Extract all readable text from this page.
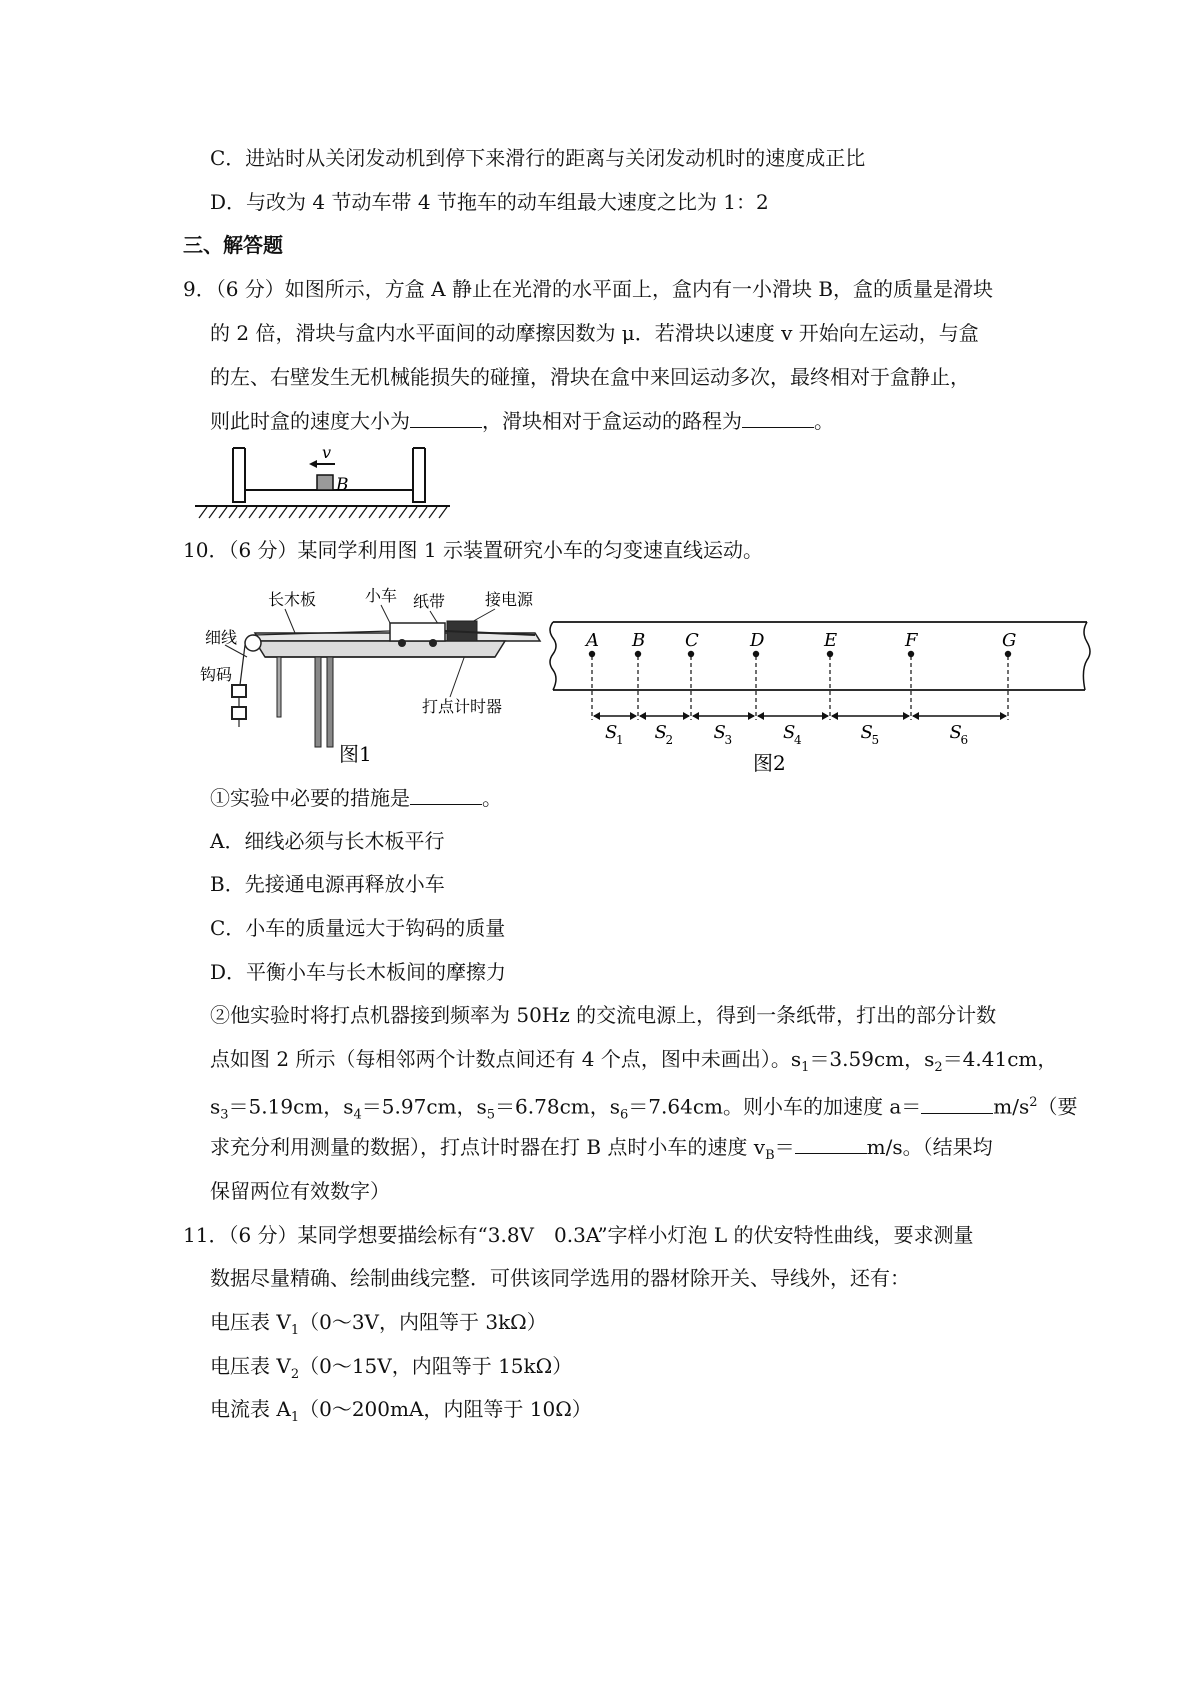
C．进站时从关闭发动机到停下来滑行的距离与关闭发动机时的速度成正比
D．与改为 4 节动车带 4 节拖车的动车组最大速度之比为 1：2
三、解答题
9．（6 分）如图所示，方盒 A 静止在光滑的水平面上，盒内有一小滑块 B，盒的质量是滑块
的 2 倍，滑块与盒内水平面间的动摩擦因数为 μ．若滑块以速度 v 开始向左运动，与盒
的左、右壁发生无机械能损失的碰撞，滑块在盒中来回运动多次，最终相对于盒静止，
则此时盒的速度大小为	，滑块相对于盒运动的路程为	。
v
B
10．（6 分）某同学利用图 1 示装置研究小车的匀变速直线运动。
细线
长木板	小车 纸带 接电源
钩码
打点计时器
图1
A B C	D	E	F	G
S
1 S
2 S
3	S
4	S
5	S
6
图2
①实验中必要的措施是	。
A．细线必须与长木板平行
B．先接通电源再释放小车
C．小车的质量远大于钩码的质量
D．平衡小车与长木板间的摩擦力
②他实验时将打点机器接到频率为 50Hz 的交流电源上，得到一条纸带，打出的部分计数
点如图 2 所示（每相邻两个计数点间还有 4 个点，图中未画出）。$s_1=3.59cm$，$s_2=4.41cm$，
$s_3=5.19cm$，$s_4=5.97cm$，$s_5=6.78cm$，$s_6=7.64cm$。则小车的加速度 a＝	$m/s^2$（要
求充分利用测量的数据），打点计时器在打 B 点时小车的速度 $v_B=$	m/s。（结果均
保留两位有效数字）
11．（6 分）某同学想要描绘标有“3.8V　0.3A”字样小灯泡 L 的伏安特性曲线，要求测量
数据尽量精确、绘制曲线完整．可供该同学选用的器材除开关、导线外，还有：
电压表 $V_1(0\sim 3V$，内阻等于 3kΩ）
电压表 $V_2(0\sim 15V$，内阻等于 15kΩ）
电流表 $A_1(0\sim 200mA$，内阻等于 10Ω）
